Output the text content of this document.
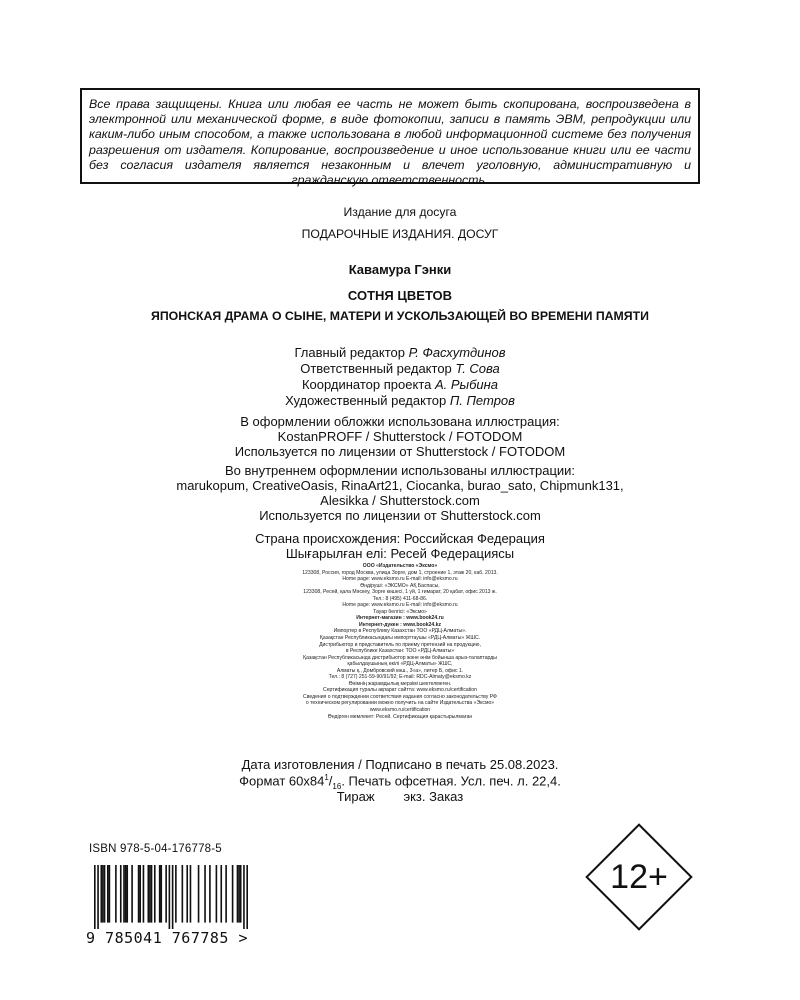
Все права защищены. Книга или любая ее часть не может быть скопирована, воспроизведена в электронной или механической форме, в виде фотокопии, записи в память ЭВМ, репродукции или каким-либо иным способом, а также использована в любой информационной системе без получения разрешения от издателя. Копирование, воспроизведение и иное использование книги или ее части без согласия издателя является незаконным и влечет уголовную, административную и гражданскую ответственность.
Издание для досуга
ПОДАРОЧНЫЕ ИЗДАНИЯ. ДОСУГ
Кавамура Гэнки
СОТНЯ ЦВЕТОВ
ЯПОНСКАЯ ДРАМА О СЫНЕ, МАТЕРИ И УСКОЛЬЗАЮЩЕЙ ВО ВРЕМЕНИ ПАМЯТИ
Главный редактор Р. Фасхутдинов
Ответственный редактор Т. Сова
Координатор проекта А. Рыбина
Художественный редактор П. Петров
В оформлении обложки использована иллюстрация:
KostanPROFF / Shutterstock / FOTODOM
Используется по лицензии от Shutterstock / FOTODOM
Во внутреннем оформлении использованы иллюстрации:
marukopum, CreativeOasis, RinaArt21, Ciocanka, burao_sato, Chipmunk131,
Alesikka / Shutterstock.com
Используется по лицензии от Shutterstock.com
Страна происхождения: Российская Федерация
Шығарылған елі: Ресей Федерациясы
ООО «Издательство «Эксмо»
123308, Россия, город Москва, улица Зорге, дом 1, строение 1, этаж 20, каб. 2013.
Home page: www.eksmo.ru E-mail: info@eksmo.ru
Өндіруші: «ЭКСМО» АҚ Баспасы,
123308, Ресей, қала Мәскеу, Зорге көшесі, 1 үй, 1 ғимарат, 20 қабат, офис 2013 ж.
Тел.: 8 (495) 411-68-86.
Home page: www.eksmo.ru E-mail: info@eksmo.ru
Тауар белгісі: «Эксмо»
Интернет-магазин : www.book24.ru
Интернет-дүкен : www.book24.kz
Импортер в Республику Казахстан ТОО «РДЦ-Алматы».
Қазақстан Республикасындағы импорттаушы «РДЦ-Алматы» ЖШС.
Дистрибьютор и представитель по приему претензий на продукцию,
в Республике Казахстан: ТОО «РДЦ-Алматы»
Қазақстан Республикасында дистрибьютор және өнім бойынша арыз-талаптарды
қабылдаушының өкілі «РДЦ-Алматы» ЖШС,
Алматы қ., Домбровский көш., 3«а», литер Б, офис 1.
Тел.: 8 (727) 251-59-90/91/92; E-mail: RDC-Almaty@eksmo.kz
Өнімнің жарамдылық мерзімі шектелмеген.
Сертификация туралы ақпарат сайтта: www.eksmo.ru/certification
Сведения о подтверждении соответствия издания согласно законодательству РФ
о техническом регулировании можно получить на сайте Издательства «Эксмо»
www.eksmo.ru/certification
Өндірген мемлекет: Ресей. Сертификация қарастырылмаған
Дата изготовления / Подписано в печать 25.08.2023.
Формат $60x84^1/_{16}$. Печать офсетная. Усл. печ. л. 22,4.
Тираж экз. Заказ
ISBN 978-5-04-176778-5
9 785041 767785 >
12+
